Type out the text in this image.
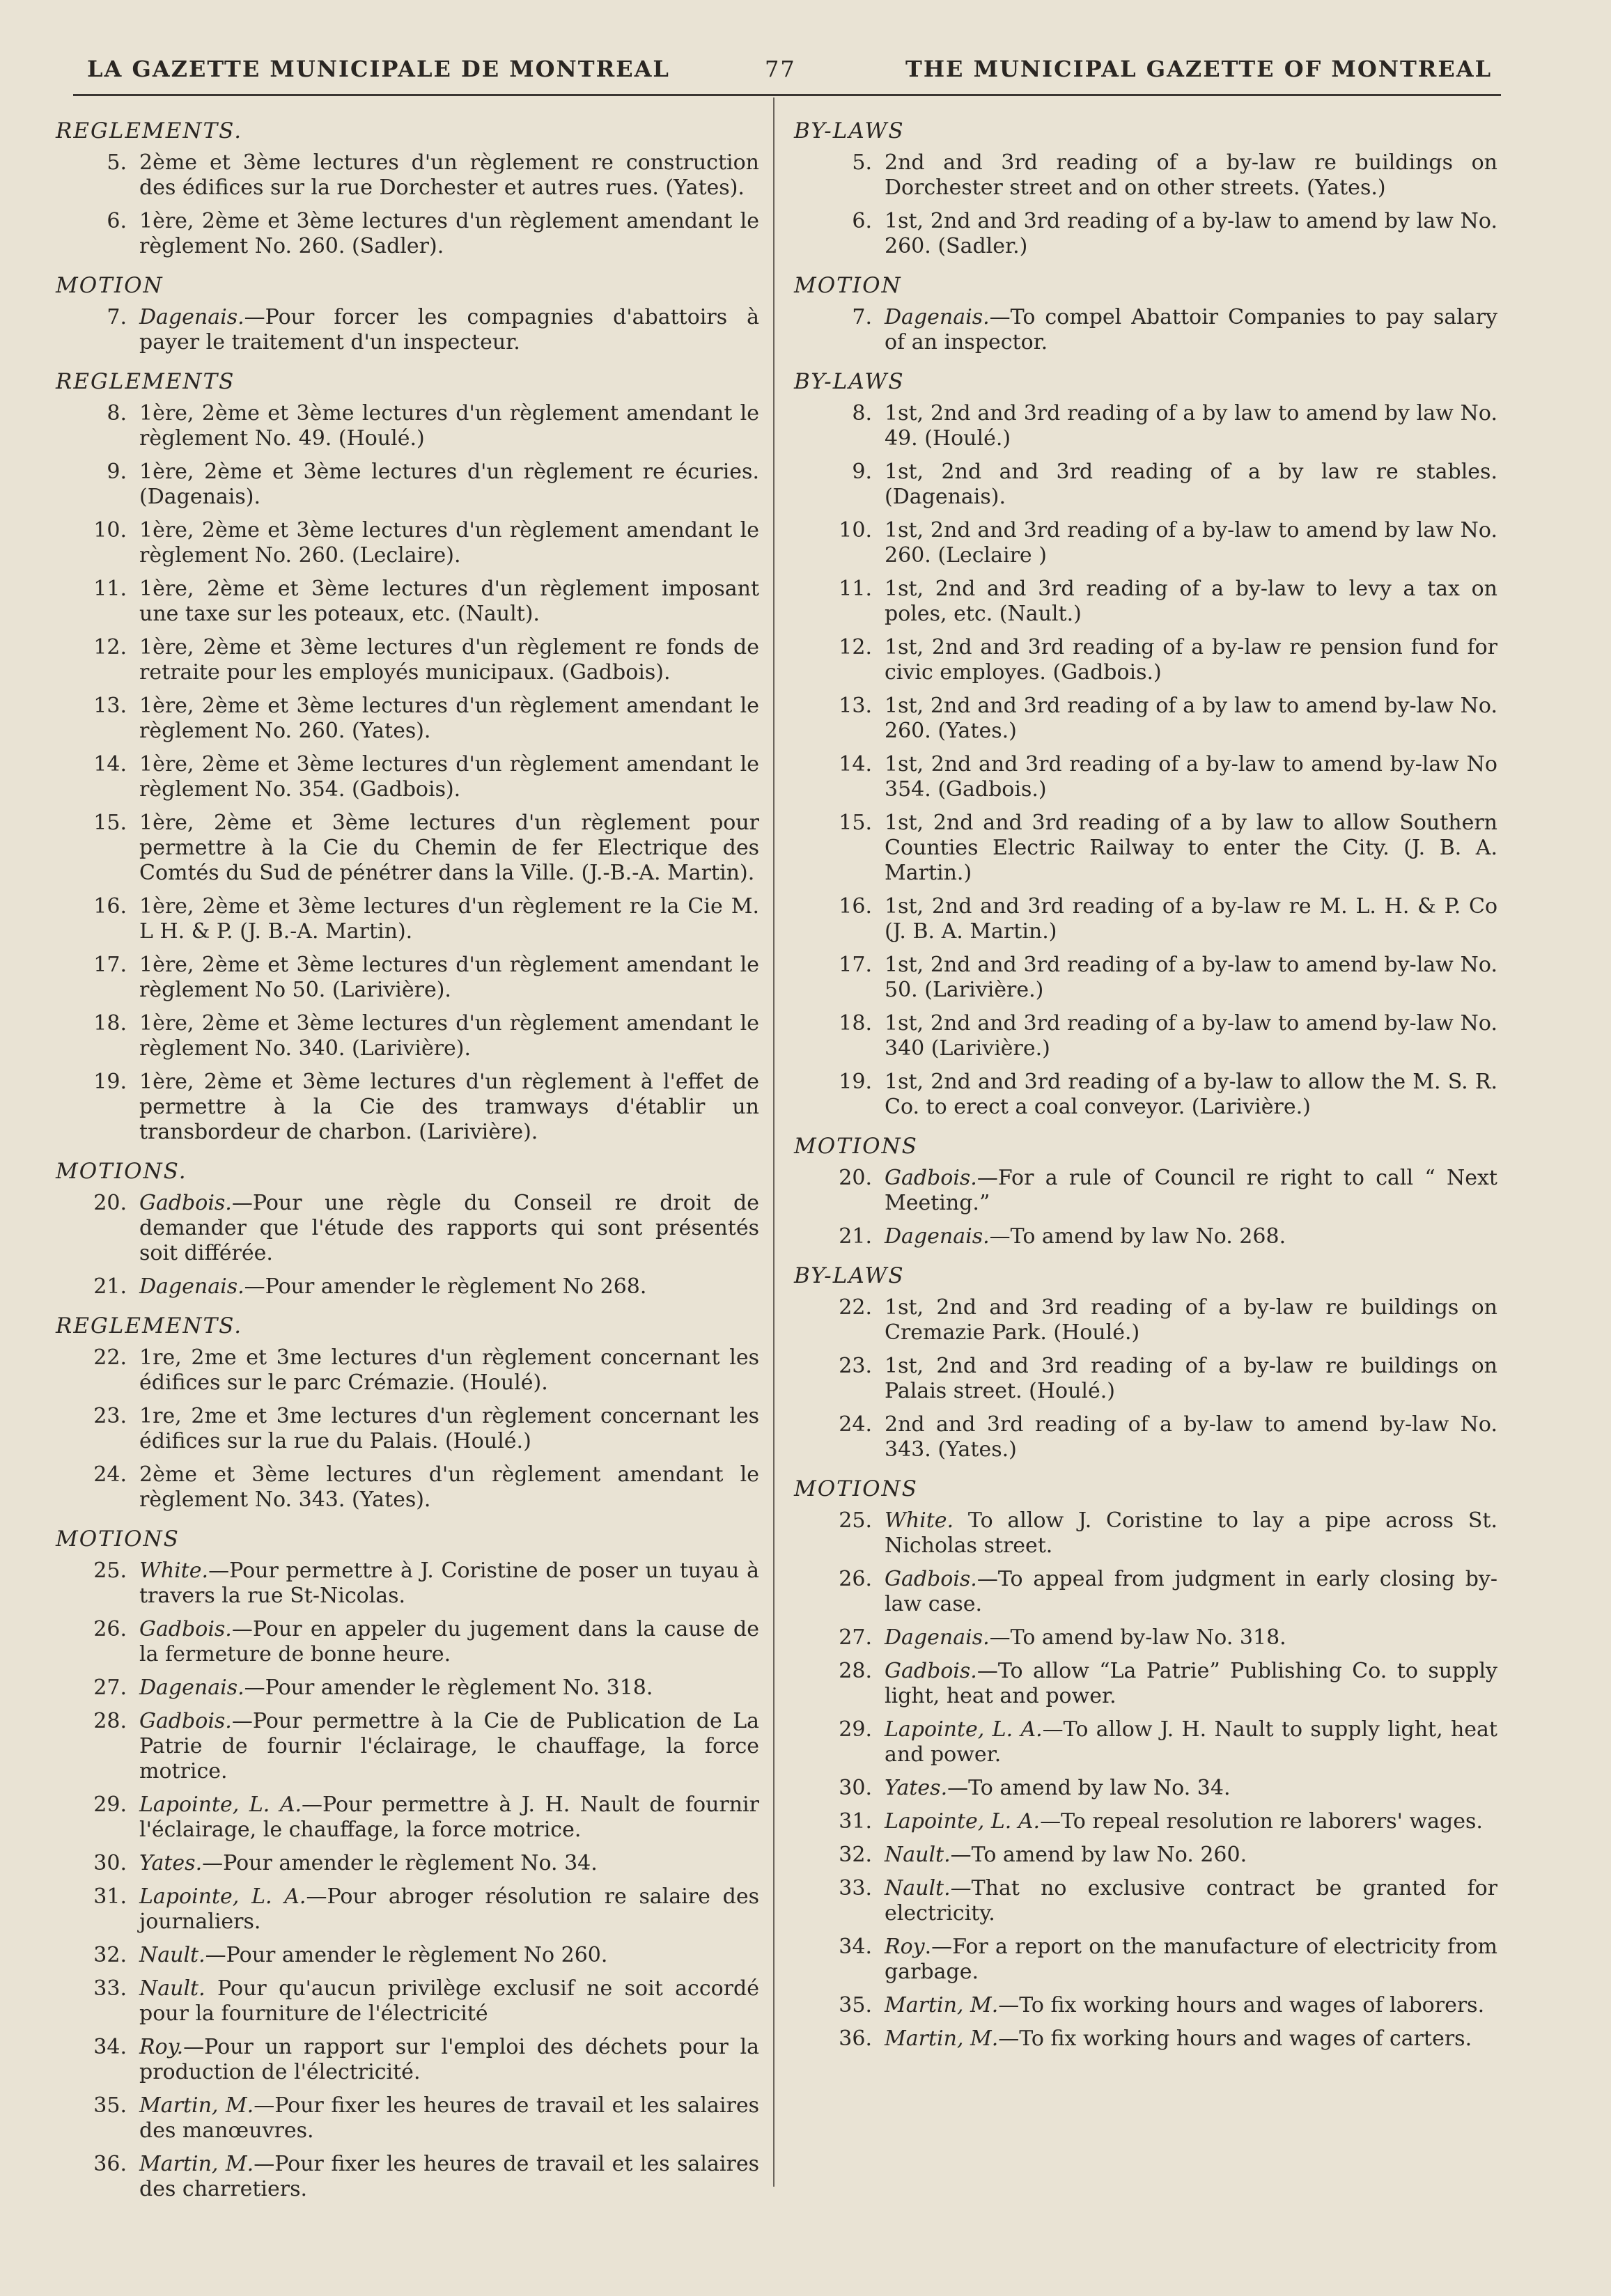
LA GAZETTE MUNICIPALE DE MONTREAL	77	THE MUNICIPAL GAZETTE OF MONTREAL
REGLEMENTS.
5. 2ème et 3ème lectures d'un règlement re construction des édifices sur la rue Dorchester et autres rues. (Yates).
6. 1ère, 2ème et 3ème lectures d'un règlement amendant le règlement No. 260. (Sadler).
MOTION
7. Dagenais.—Pour forcer les compagnies d'abattoirs à payer le traitement d'un inspecteur.
REGLEMENTS
8. 1ère, 2ème et 3ème lectures d'un règlement amendant le règlement No. 49. (Houlé.)
9. 1ère, 2ème et 3ème lectures d'un règlement re écuries. (Dagenais).
10. 1ère, 2ème et 3ème lectures d'un règlement amendant le règlement No. 260. (Leclaire).
11. 1ère, 2ème et 3ème lectures d'un règlement imposant une taxe sur les poteaux, etc. (Nault).
12. 1ère, 2ème et 3ème lectures d'un règlement re fonds de retraite pour les employés municipaux. (Gadbois).
13. 1ère, 2ème et 3ème lectures d'un règlement amendant le règlement No. 260. (Yates).
14. 1ère, 2ème et 3ème lectures d'un règlement amendant le règlement No. 354. (Gadbois).
15. 1ère, 2ème et 3ème lectures d'un règlement pour permettre à la Cie du Chemin de fer Electrique des Comtés du Sud de pénétrer dans la Ville. (J.-B.-A. Martin).
16. 1ère, 2ème et 3ème lectures d'un règlement re la Cie M. L H. & P. (J. B.-A. Martin).
17. 1ère, 2ème et 3ème lectures d'un règlement amendant le règlement No 50. (Larivière).
18. 1ère, 2ème et 3ème lectures d'un règlement amendant le règlement No. 340. (Larivière).
19. 1ère, 2ème et 3ème lectures d'un règlement à l'effet de permettre à la Cie des tramways d'établir un transbordeur de charbon. (Larivière).
MOTIONS.
20. Gadbois.—Pour une règle du Conseil re droit de demander que l'étude des rapports qui sont présentés soit différée.
21. Dagenais.—Pour amender le règlement No 268.
REGLEMENTS.
22. 1re, 2me et 3me lectures d'un règlement concernant les édifices sur le parc Crémazie. (Houlé).
23. 1re, 2me et 3me lectures d'un règlement concernant les édifices sur la rue du Palais. (Houlé.)
24. 2ème et 3ème lectures d'un règlement amendant le règlement No. 343. (Yates).
MOTIONS
25. White.—Pour permettre à J. Coristine de poser un tuyau à travers la rue St-Nicolas.
26. Gadbois.—Pour en appeler du jugement dans la cause de la fermeture de bonne heure.
27. Dagenais.—Pour amender le règlement No. 318.
28. Gadbois.—Pour permettre à la Cie de Publication de La Patrie de fournir l'éclairage, le chauffage, la force motrice.
29. Lapointe, L. A.—Pour permettre à J. H. Nault de fournir l'éclairage, le chauffage, la force motrice.
30. Yates.—Pour amender le règlement No. 34.
31. Lapointe, L. A.—Pour abroger résolution re salaire des journaliers.
32. Nault.—Pour amender le règlement No 260.
33. Nault. Pour qu'aucun privilège exclusif ne soit accordé pour la fourniture de l'électricité
34. Roy.—Pour un rapport sur l'emploi des déchets pour la production de l'électricité.
35. Martin, M.—Pour fixer les heures de travail et les salaires des manœuvres.
36. Martin, M.—Pour fixer les heures de travail et les salaires des charretiers.
BY-LAWS
5. 2nd and 3rd reading of a by-law re buildings on Dorchester street and on other streets. (Yates.)
6. 1st, 2nd and 3rd reading of a by-law to amend by law No. 260. (Sadler.)
MOTION
7. Dagenais.—To compel Abattoir Companies to pay salary of an inspector.
BY-LAWS
8. 1st, 2nd and 3rd reading of a by law to amend by law No. 49. (Houlé.)
9. 1st, 2nd and 3rd reading of a by law re stables. (Dagenais).
10. 1st, 2nd and 3rd reading of a by-law to amend by law No. 260. (Leclaire )
11. 1st, 2nd and 3rd reading of a by-law to levy a tax on poles, etc. (Nault.)
12. 1st, 2nd and 3rd reading of a by-law re pension fund for civic employes. (Gadbois.)
13. 1st, 2nd and 3rd reading of a by law to amend by-law No. 260. (Yates.)
14. 1st, 2nd and 3rd reading of a by-law to amend by-law No 354. (Gadbois.)
15. 1st, 2nd and 3rd reading of a by law to allow Southern Counties Electric Railway to enter the City. (J. B. A. Martin.)
16. 1st, 2nd and 3rd reading of a by-law re M. L. H. & P. Co (J. B. A. Martin.)
17. 1st, 2nd and 3rd reading of a by-law to amend by-law No. 50. (Larivière.)
18. 1st, 2nd and 3rd reading of a by-law to amend by-law No. 340 (Larivière.)
19. 1st, 2nd and 3rd reading of a by-law to allow the M. S. R. Co. to erect a coal conveyor. (Larivière.)
MOTIONS
20. Gadbois.—For a rule of Council re right to call “ Next Meeting.”
21. Dagenais.—To amend by law No. 268.
BY-LAWS
22. 1st, 2nd and 3rd reading of a by-law re buildings on Cremazie Park. (Houlé.)
23. 1st, 2nd and 3rd reading of a by-law re buildings on Palais street. (Houlé.)
24. 2nd and 3rd reading of a by-law to amend by-law No. 343. (Yates.)
MOTIONS
25. White. To allow J. Coristine to lay a pipe across St. Nicholas street.
26. Gadbois.—To appeal from judgment in early closing by-law case.
27. Dagenais.—To amend by-law No. 318.
28. Gadbois.—To allow “La Patrie” Publishing Co. to supply light, heat and power.
29. Lapointe, L. A.—To allow J. H. Nault to supply light, heat and power.
30. Yates.—To amend by law No. 34.
31. Lapointe, L. A.—To repeal resolution re laborers' wages.
32. Nault.—To amend by law No. 260.
33. Nault.—That no exclusive contract be granted for electricity.
34. Roy.—For a report on the manufacture of electricity from garbage.
35. Martin, M.—To fix working hours and wages of laborers.
36. Martin, M.—To fix working hours and wages of carters.
